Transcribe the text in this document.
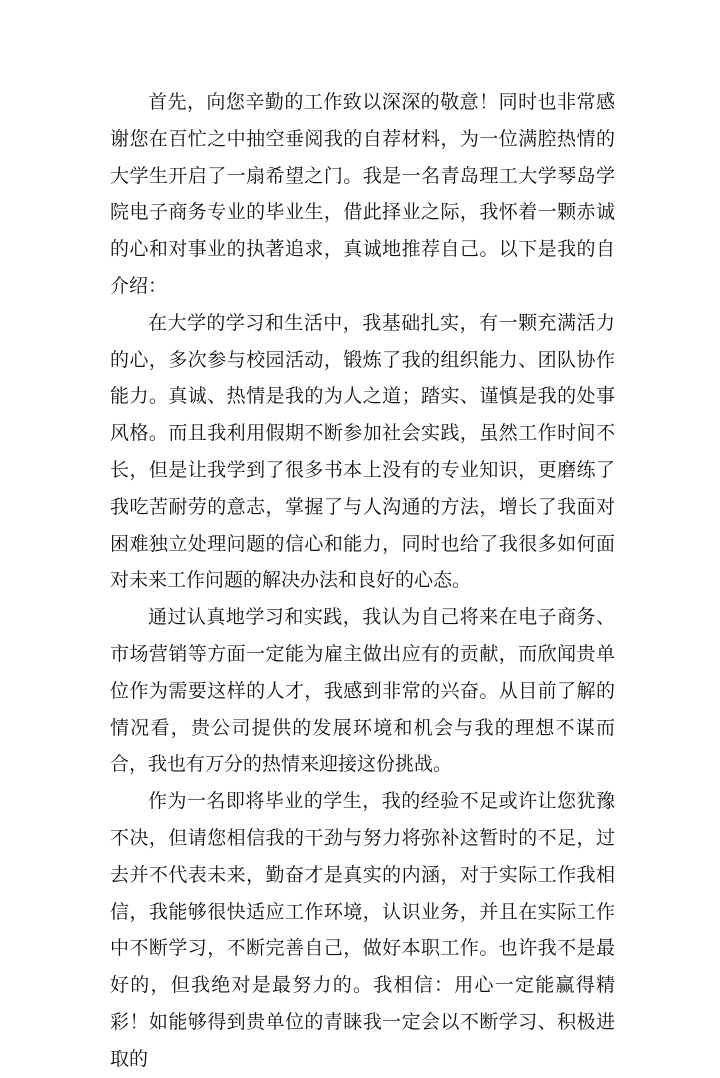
首先，向您辛勤的工作致以深深的敬意！同时也非常感谢您在百忙之中抽空垂阅我的自荐材料，为一位满腔热情的大学生开启了一扇希望之门。我是一名青岛理工大学琴岛学院电子商务专业的毕业生，借此择业之际，我怀着一颗赤诚的心和对事业的执著追求，真诚地推荐自己。以下是我的自介绍：

在大学的学习和生活中，我基础扎实，有一颗充满活力的心，多次参与校园活动，锻炼了我的组织能力、团队协作能力。真诚、热情是我的为人之道；踏实、谨慎是我的处事风格。而且我利用假期不断参加社会实践，虽然工作时间不长，但是让我学到了很多书本上没有的专业知识，更磨练了我吃苦耐劳的意志，掌握了与人沟通的方法，增长了我面对困难独立处理问题的信心和能力，同时也给了我很多如何面对未来工作问题的解决办法和良好的心态。

通过认真地学习和实践，我认为自己将来在电子商务、市场营销等方面一定能为雇主做出应有的贡献，而欣闻贵单位作为需要这样的人才，我感到非常的兴奋。从目前了解的情况看，贵公司提供的发展环境和机会与我的理想不谋而合，我也有万分的热情来迎接这份挑战。

作为一名即将毕业的学生，我的经验不足或许让您犹豫不决，但请您相信我的干劲与努力将弥补这暂时的不足，过去并不代表未来，勤奋才是真实的内涵，对于实际工作我相信，我能够很快适应工作环境，认识业务，并且在实际工作中不断学习，不断完善自己，做好本职工作。也许我不是最好的，但我绝对是最努力的。我相信：用心一定能赢得精彩！如能够得到贵单位的青睐我一定会以不断学习、积极进取的
